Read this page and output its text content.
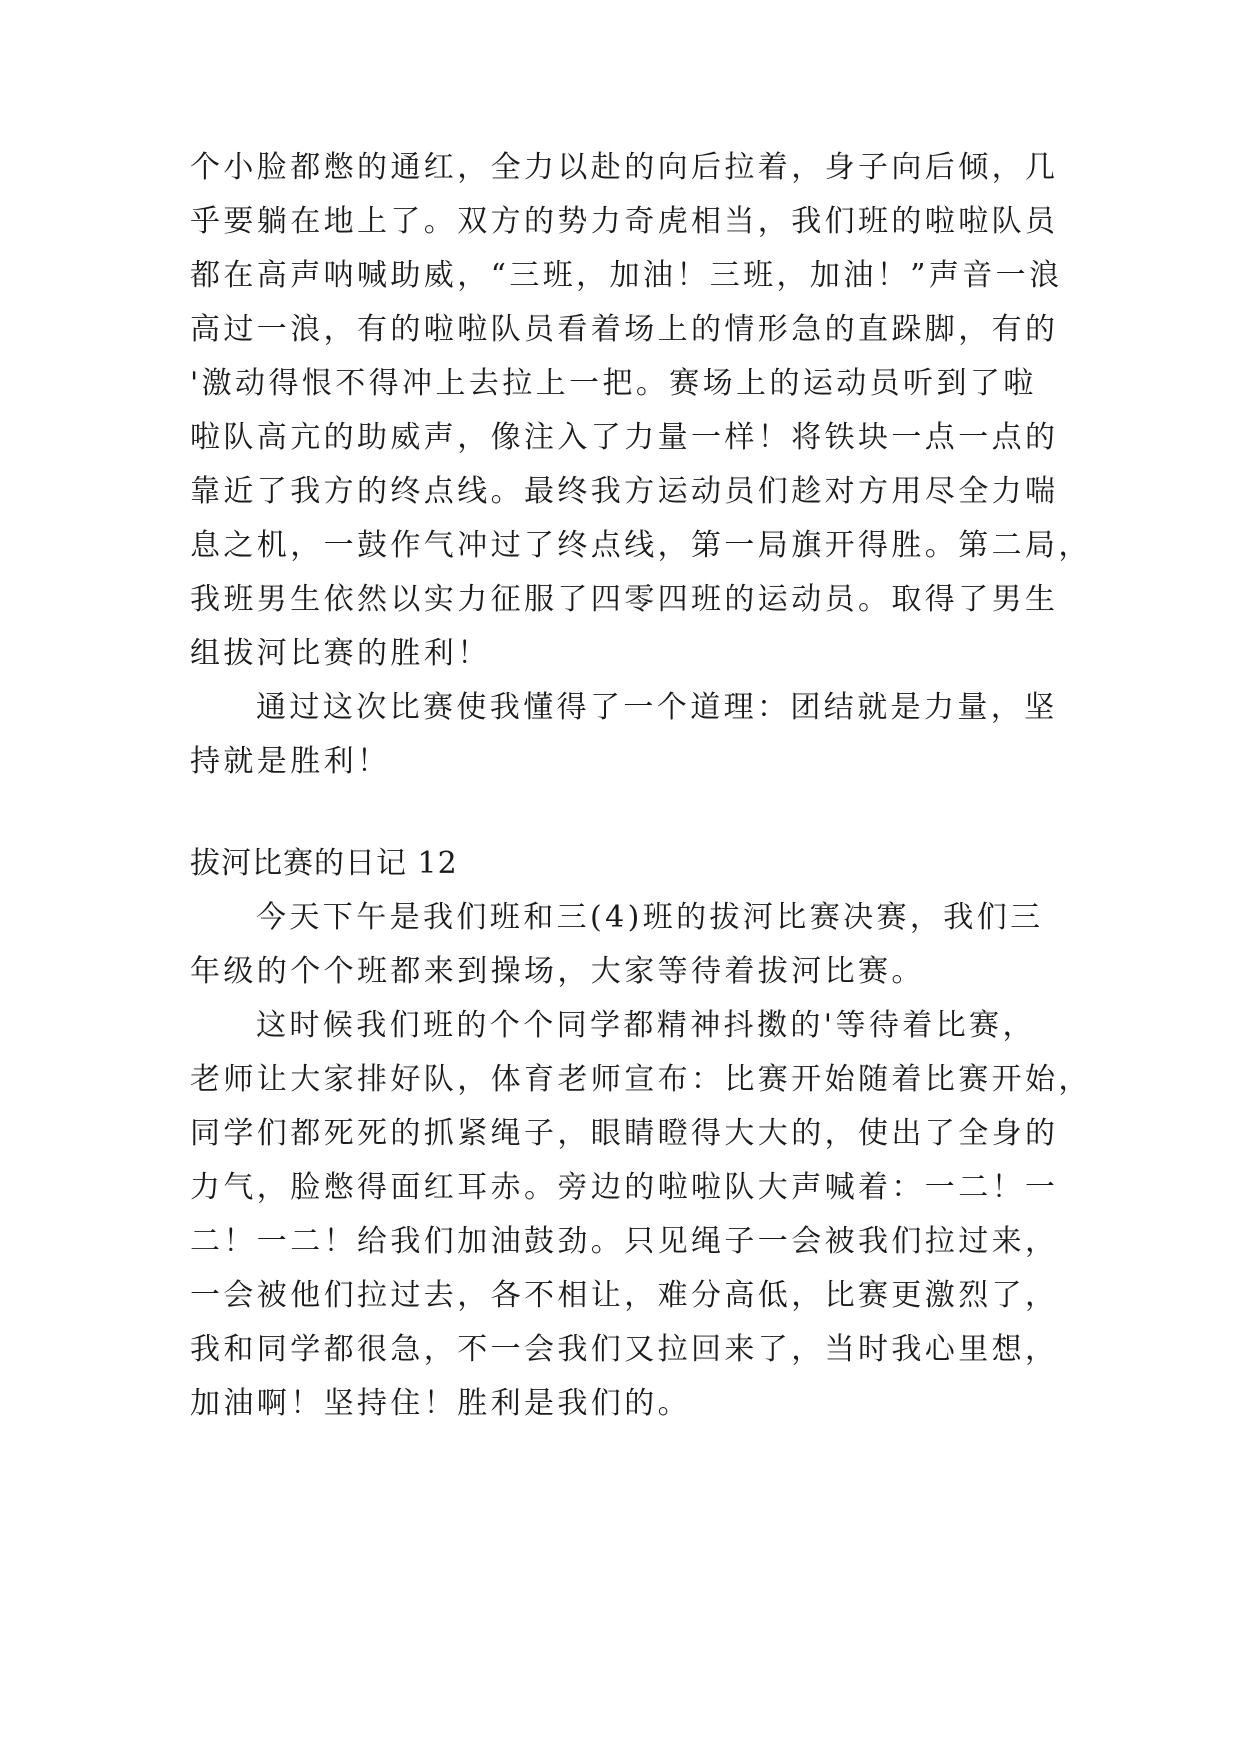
个小脸都憋的通红，全力以赴的向后拉着，身子向后倾，几
乎要躺在地上了。双方的势力奇虎相当，我们班的啦啦队员
都在高声呐喊助威，“三班，加油！三班，加油！”声音一浪
高过一浪，有的啦啦队员看着场上的情形急的直跺脚，有的
'激动得恨不得冲上去拉上一把。赛场上的运动员听到了啦
啦队高亢的助威声，像注入了力量一样！将铁块一点一点的
靠近了我方的终点线。最终我方运动员们趁对方用尽全力喘
息之机，一鼓作气冲过了终点线，第一局旗开得胜。第二局，
我班男生依然以实力征服了四零四班的运动员。取得了男生
组拔河比赛的胜利！
通过这次比赛使我懂得了一个道理：团结就是力量，坚
持就是胜利！
拔河比赛的日记 12
今天下午是我们班和三(4)班的拔河比赛决赛，我们三
年级的个个班都来到操场，大家等待着拔河比赛。
这时候我们班的个个同学都精神抖擞的'等待着比赛，
老师让大家排好队，体育老师宣布：比赛开始随着比赛开始，
同学们都死死的抓紧绳子，眼睛瞪得大大的，使出了全身的
力气，脸憋得面红耳赤。旁边的啦啦队大声喊着：一二！一
二！一二！给我们加油鼓劲。只见绳子一会被我们拉过来，
一会被他们拉过去，各不相让，难分高低，比赛更激烈了，
我和同学都很急，不一会我们又拉回来了，当时我心里想，
加油啊！坚持住！胜利是我们的。
